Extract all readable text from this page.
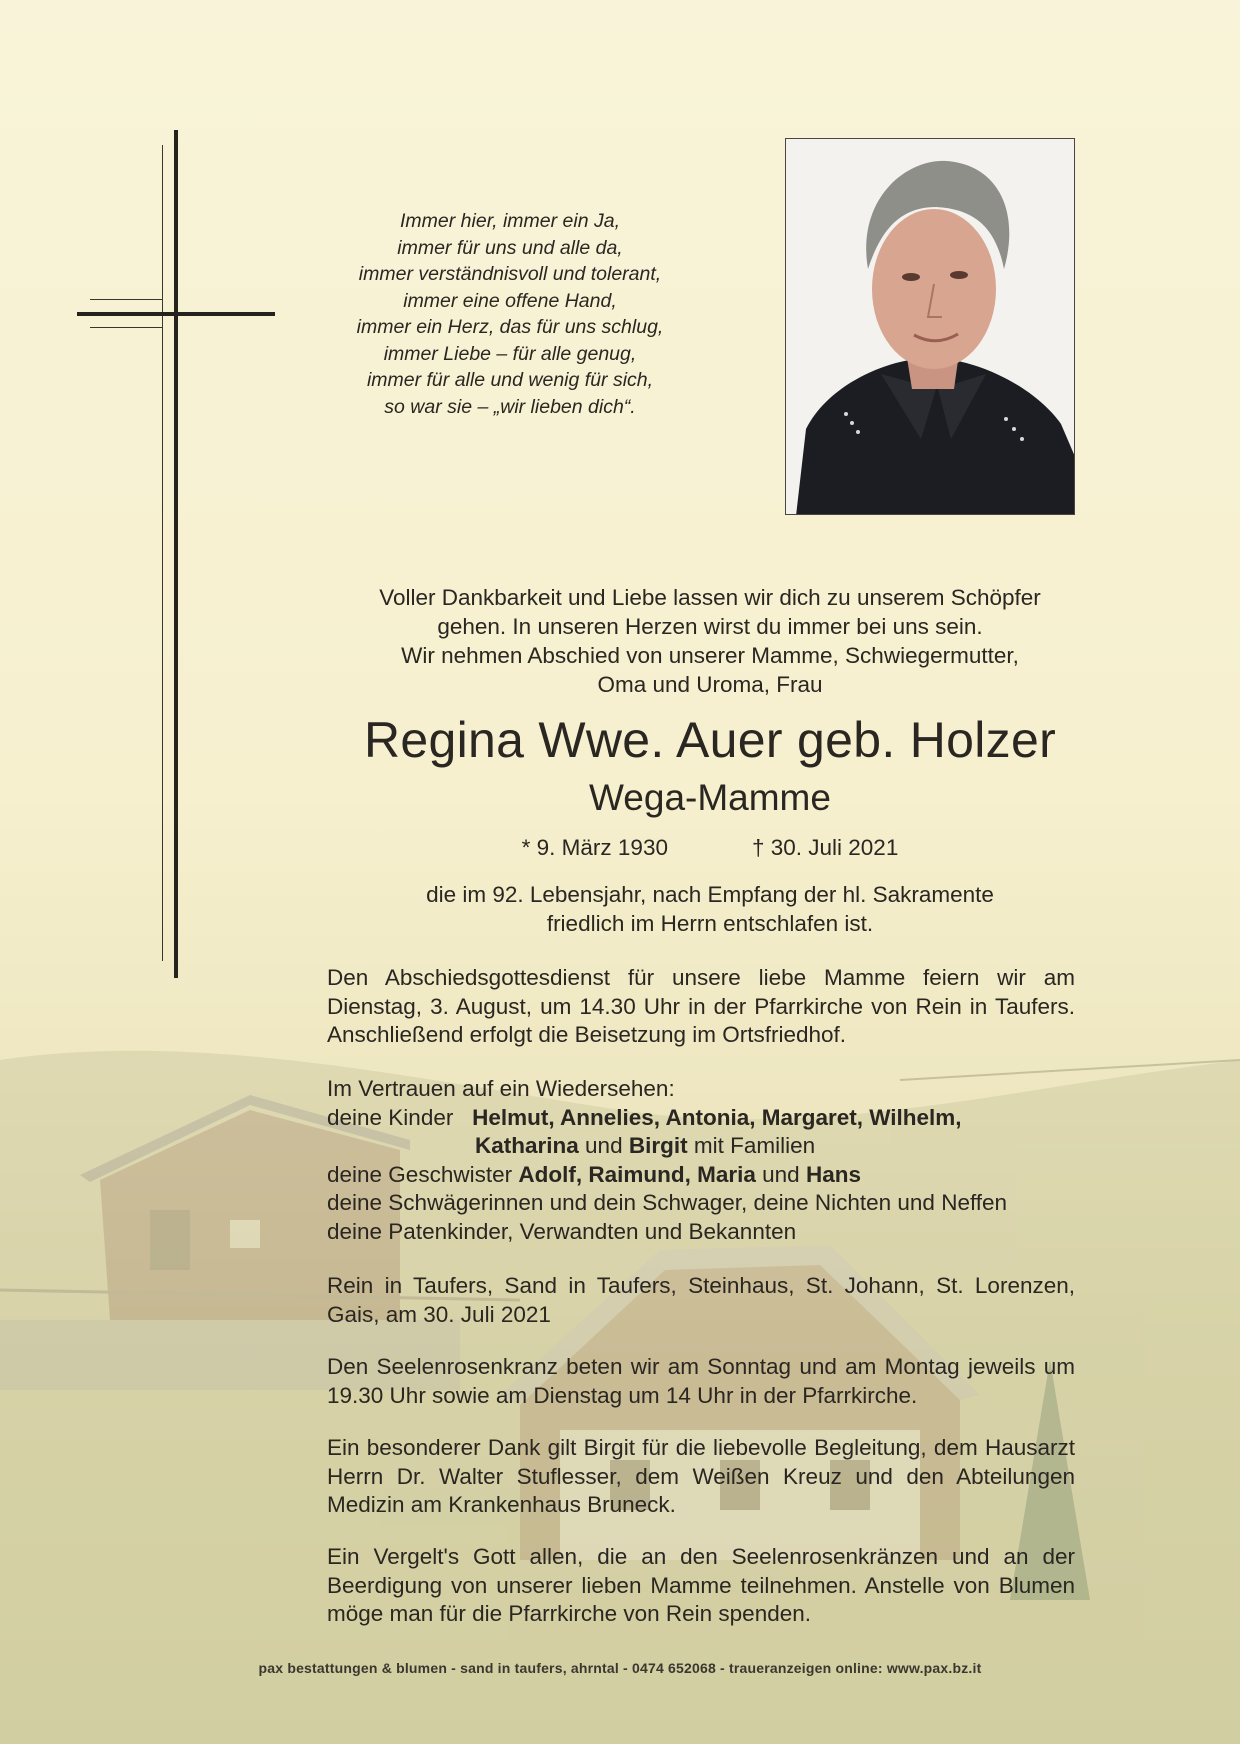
Immer hier, immer ein Ja,
immer für uns und alle da,
immer verständnisvoll und tolerant,
immer eine offene Hand,
immer ein Herz, das für uns schlug,
immer Liebe – für alle genug,
immer für alle und wenig für sich,
so war sie – „wir lieben dich“.
Voller Dankbarkeit und Liebe lassen wir dich zu unserem Schöpfer
gehen. In unseren Herzen wirst du immer bei uns sein.
Wir nehmen Abschied von unserer Mamme, Schwiegermutter,
Oma und Uroma, Frau
Regina Wwe. Auer geb. Holzer
Wega-Mamme
* 9. März 1930	† 30. Juli 2021
die im 92. Lebensjahr, nach Empfang der hl. Sakramente
friedlich im Herrn entschlafen ist.
Den Abschiedsgottesdienst für unsere liebe Mamme feiern wir am Dienstag, 3. August, um 14.30 Uhr in der Pfarrkirche von Rein in Taufers. Anschließend erfolgt die Beisetzung im Ortsfriedhof.
Im Vertrauen auf ein Wiedersehen:
deine Kinder Helmut, Annelies, Antonia, Margaret, Wilhelm,
Katharina und Birgit mit Familien
deine Geschwister Adolf, Raimund, Maria und Hans
deine Schwägerinnen und dein Schwager, deine Nichten und Neffen
deine Patenkinder, Verwandten und Bekannten
Rein in Taufers, Sand in Taufers, Steinhaus, St. Johann, St. Lorenzen, Gais, am 30. Juli 2021
Den Seelenrosenkranz beten wir am Sonntag und am Montag jeweils um 19.30 Uhr sowie am Dienstag um 14 Uhr in der Pfarrkirche.
Ein besonderer Dank gilt Birgit für die liebevolle Begleitung, dem Hausarzt Herrn Dr. Walter Stuflesser, dem Weißen Kreuz und den Abteilungen Medizin am Krankenhaus Bruneck.
Ein Vergelt's Gott allen, die an den Seelenrosenkränzen und an der Beerdigung von unserer lieben Mamme teilnehmen. Anstelle von Blumen möge man für die Pfarrkirche von Rein spenden.
pax bestattungen & blumen - sand in taufers, ahrntal - 0474 652068 - traueranzeigen online: www.pax.bz.it
